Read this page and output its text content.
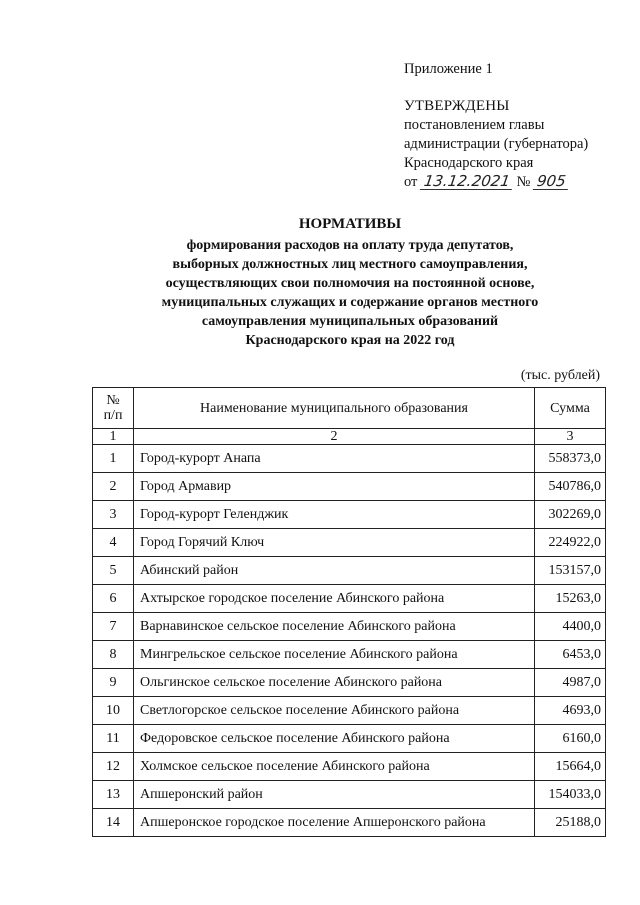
Приложение 1
УТВЕРЖДЕНЫ
постановлением главы
администрации (губернатора)
Краснодарского края
от 13.12.2021 № 905
НОРМАТИВЫ
формирования расходов на оплату труда депутатов,
выборных должностных лиц местного самоуправления,
осуществляющих свои полномочия на постоянной основе,
муниципальных служащих и содержание органов местного
самоуправления муниципальных образований
Краснодарского края на 2022 год
(тыс. рублей)
№
п/п	Наименование муниципального образования	Сумма
1	2	3
1	Город-курорт Анапа	558373,0
2	Город Армавир	540786,0
3	Город-курорт Геленджик	302269,0
4	Город Горячий Ключ	224922,0
5	Абинский район	153157,0
6	Ахтырское городское поселение Абинского района	15263,0
7	Варнавинское сельское поселение Абинского района	4400,0
8	Мингрельское сельское поселение Абинского района	6453,0
9	Ольгинское сельское поселение Абинского района	4987,0
10	Светлогорское сельское поселение Абинского района	4693,0
11	Федоровское сельское поселение Абинского района	6160,0
12	Холмское сельское поселение Абинского района	15664,0
13	Апшеронский район	154033,0
14	Апшеронское городское поселение Апшеронского района	25188,0
